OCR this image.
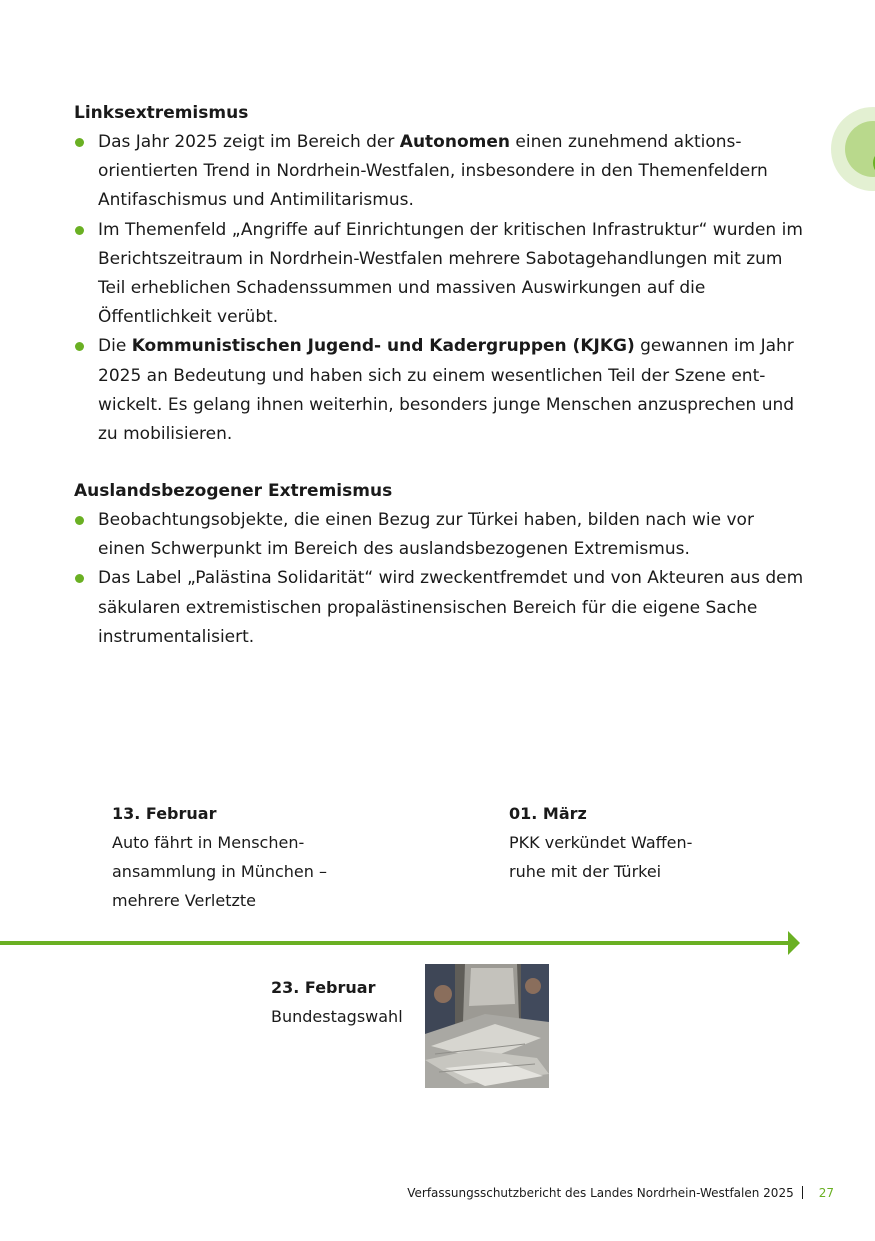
Linksextremismus
Das Jahr 2025 zeigt im Bereich der Autonomen einen zunehmend aktions-orientierten Trend in Nordrhein-Westfalen, insbesondere in den Themenfeldern Antifaschismus und Antimilitarismus.
Im Themenfeld „Angriffe auf Einrichtungen der kritischen Infrastruktur“ wurden im Berichtszeitraum in Nordrhein-Westfalen mehrere Sabotagehandlungen mit zum Teil erheblichen Schadenssummen und massiven Auswirkungen auf die Öffentlichkeit verübt.
Die Kommunistischen Jugend- und Kadergruppen (KJKG) gewannen im Jahr 2025 an Bedeutung und haben sich zu einem wesentlichen Teil der Szene ent-wickelt. Es gelang ihnen weiterhin, besonders junge Menschen anzusprechen und zu mobilisieren.
Auslandsbezogener Extremismus
Beobachtungsobjekte, die einen Bezug zur Türkei haben, bilden nach wie vor einen Schwerpunkt im Bereich des auslandsbezogenen Extremismus.
Das Label „Palästina Solidarität“ wird zweckentfremdet und von Akteuren aus dem säkularen extremistischen propalästinensischen Bereich für die eigene Sache instrumentalisiert.
13. Februar
Auto fährt in Menschen-
ansammlung in München –
mehrere Verletzte
01. März
PKK verkündet Waffen-
ruhe mit der Türkei
23. Februar
Bundestagswahl
Verfassungsschutzbericht des Landes Nordrhein-Westfalen 2025 27
